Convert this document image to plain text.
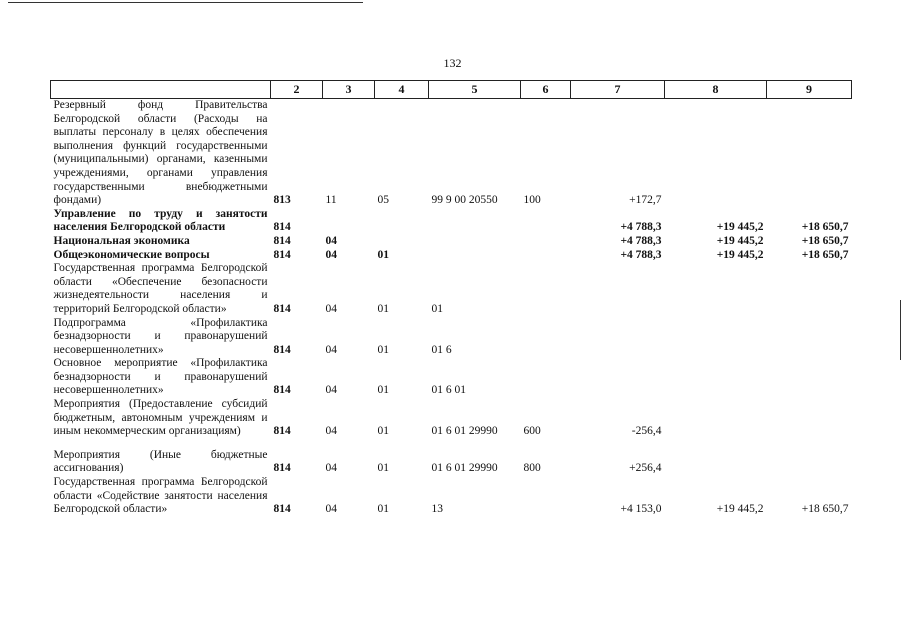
132
	2	3	4	5	6	7	8	9
Резервный фонд Правительства Белгородской области (Расходы на выплаты персоналу в целях обеспечения выполнения функций государственными (муниципальными) органами, казенными учреждениями, органами управления государственными внебюджетными фондами)	813	11	05	99 9 00 20550	100	+172,7		
Управление по труду и занятости населения Белгородской области	814					+4 788,3	+19 445,2	+18 650,7
Национальная экономика	814	04				+4 788,3	+19 445,2	+18 650,7
Общеэкономические вопросы	814	04	01			+4 788,3	+19 445,2	+18 650,7
Государственная программа Белгородской области «Обеспечение безопасности жизнедеятельности населения и территорий Белгородской области»	814	04	01	01				
Подпрограмма «Профилактика безнадзорности и правонарушений несовершеннолетних»	814	04	01	01 6				
Основное мероприятие «Профилактика безнадзорности и правонарушений несовершеннолетних»	814	04	01	01 6 01				
Мероприятия (Предоставление субсидий бюджетным, автономным учреждениям и иным некоммерческим организациям)	814	04	01	01 6 01 29990	600	-256,4		
Мероприятия (Иные бюджетные ассигнования)	814	04	01	01 6 01 29990	800	+256,4		
Государственная программа Белгородской области «Содействие занятости населения Белгородской области»	814	04	01	13		+4 153,0	+19 445,2	+18 650,7
